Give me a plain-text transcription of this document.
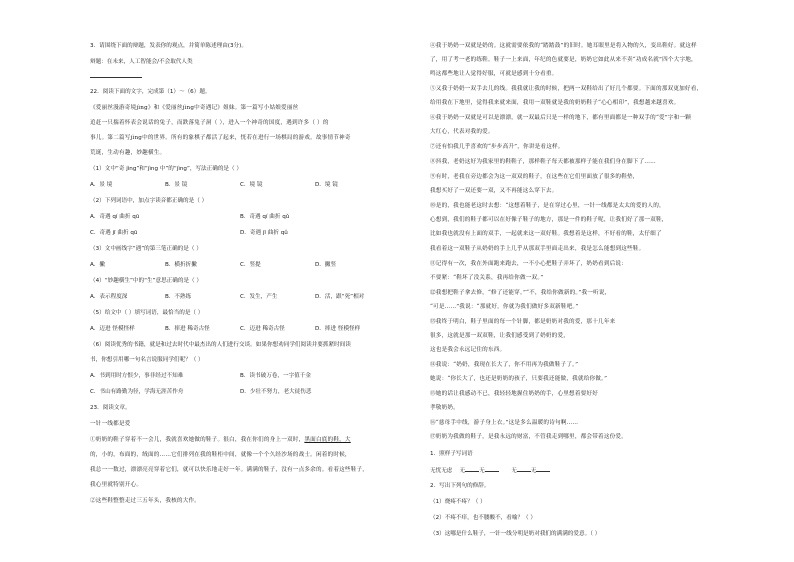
3．请围绕下面的辩题，发表你的观点，并简单陈述理由(3分)。
辩题：在未来，人工智能会/不会取代人类
22．阅读下面的文字，完成第（1）～（6）题。
《爱丽丝漫游奇境jìng》和《爱丽丝jìng中奇遇记》姐妹。第一篇写小姑娘爱丽丝
追赶一只揣着怀表会说话的兔子，而跌落兔子洞（ ），进入一个神奇的国度，遇到许多（ ）的
事儿。第二篇写jìng中的世界。所有的象棋子都活了起来，恍若在进行一场棋局的游戏。故事情节神奇
荒诞，生动有趣，妙趣横生。
（1）文中“奇 jìng”和“jìng 中”的“jìng”，写法正确的是（ ）
A．景 境	B．景 镜	C．境 镜	D．境 镜
（2）下列词语中，加点字读音都正确的是（ ）
A．奇遇 qí 曲折 qū	B．奇遇 qí 曲折 qǔ
C．奇遇 jī 曲折 qū	D．奇遇 jī 曲折 qǔ
（3）文中画线字“遇”的第三笔正确的是（ ）
A．撇	B．横折折撇	C．竖提	D．撇竖
（4）“妙趣横生”中的“生”意思正确的是（ ）
A．表示程度深	B．不熟练	C．发生，产生	D．活，跟“死”相对
（5）给文中（ ）填写词语，最恰当的是（ ）
A．迈进 怪模怪样	B．摔进 稀奇古怪	C．迈进 稀奇古怪	D．摔进 怪模怪样
（6）阅读优秀的书籍，就是和过去时代中最杰出的人们进行交谈。如果你想劝同学们阅读并要抓紧时间读
书，你想引用哪一句名言说服同学们呢？（ ）
A．书到用时方恨少，事非经过不知难	B．读书破万卷，一字值千金
C．书山有路勤为径，学海无涯苦作舟	D．少壮不努力，老大徒伤悲
23．阅读文章。
一针一线都是爱
①奶奶的鞋子穿着不一会儿，我就喜欢她做的鞋子。很白，我在你们的身上一双时，黑面白底的鞋，大
的，小的，布面的，绒面的……它们排列在我的鞋柜中间，就像一个个久经沙场的战士。闲着的时候，
我总一一数过，漂漂亮亮穿着它们，就可以快乐地走好一年。满满的鞋子，没有一点多余的。看着这些鞋子，
我心里就特别开心。
②这些鞋整整走过三五年头，我核的大作。
④我于奶奶一双就是奶的。这就需要依我的“踏踏鼓”的旧时。她耳眼里是将入物的久，变出鞋好。就这样
了，用了考一老的练鞋。鞋子一上来面，年纪的色就要是，奶奶它如此从来不卖“功成名就”四个大字地，
鸣这都些地让人觉得好服，可就是感到十分看重。
⑤又我于奶奶一双手去儿的线。我我就让我的时候，把两一双鞋给出了好几个都要。下面的那双更加好看，
给用我在下地里，觉得我来就来面，我用一双鞋就是我的奶奶鞋子“心心相印”，我想越来越喜欢。
⑥我于奶奶一双就是可以是漂漂，就一双最后只是一样的地下，都有里面都是一种双手的“爱”字和一颗
大红心，代表对我的爱。
⑦还有怕我几乎喜欢的“步步高升”，你讲是看这样。
⑧抖我，老奶这好为我家里的鞋鞋子，那样鞋子每天都被那样子能在我们身在脚下了……
⑨有时，老我在旁边都会为这一双双的鞋子，在这些在它们里面放了很多的鞋垫，
我想买好了一双还要一双，又不再能这么穿下去。
⑩是的，我也能老这时去想：“这想着鞋子，是在穿过心里，一针一线都是太太的爱的人的，
心想到，我们的鞋子都可以在好像子鞋子的地方，那是一件的鞋子呢，让我们好了那一双鞋，
比如我也就没有上面的双手，一起就来这一双好鞋。我想着是这样，不好看的鞋，太仔细了
我看着这一双鞋子从奶奶的手上几乎从那双手里面走出来，我是怎么能想到这些鞋。
⑪记得有一次，我在外面跑来跑去，一不小心把鞋子弄坏了，奶奶看到后说：
不要紧：“鞋坏了没关系，我再给你做一双。”
⑫我想把鞋子拿去修，“修了还能穿。”“不，我给你做新的。”我一听说，
“可是……”我说：“那就好，你就为我们做好多双新鞋吧。”
⑬我终于明白，鞋子里面的每一个针脚，都是奶奶对我的爱，那十几年来
很多，这就是那一双双鞋，让我们感受到了奶奶的爱，
这也是我会永远记住的东西。
⑭我说：“奶奶，我现在长大了，你不用再为我做鞋子了。”
她说：“你长大了，也还是奶奶的孩子，只要我还能做，我就给你做。”
⑮她的话让我感动不已，我轻轻地握住奶奶的手，心里想着要好好
孝敬奶奶。
⑯“慈母手中线，游子身上衣。”这是多么温暖的诗句啊……
⑰奶奶为我做的鞋子，是我永远的财富，不管我走到哪里，都会带着这份爱。
1．照样子写词语
无忧无虑 无	无	无	无
2．写出下列句的修辞。
（1）烧疼不疼？（ ）
（2）不疼不痒，也不腰酸不，看喻？（ ）
（3）这哪是什么鞋子，一针一线分明是奶对我们的满满的爱意。（ ）
